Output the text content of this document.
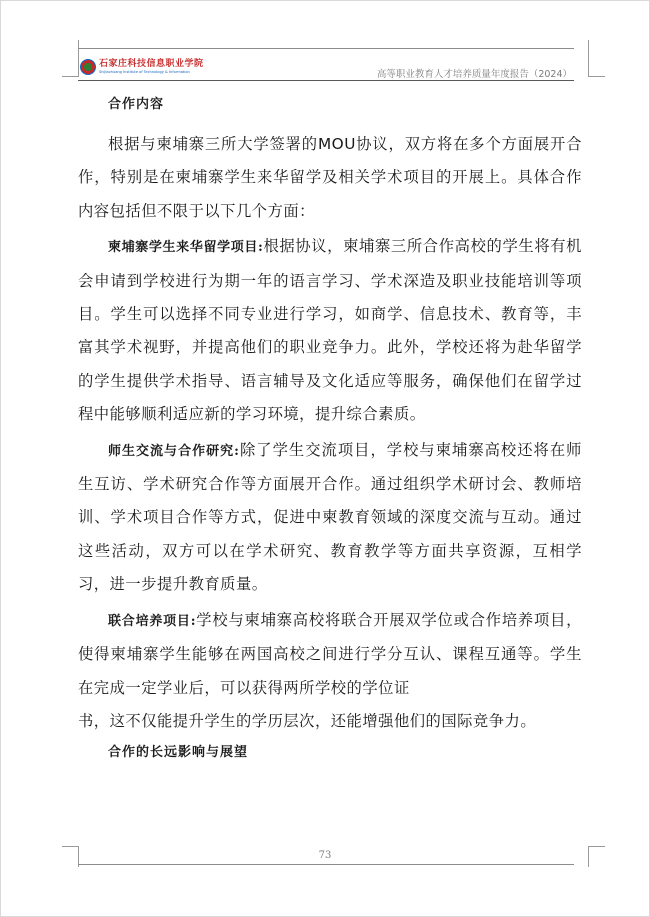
石家庄科技信息职业学院
Shijiazhuang Institute of Technology & Information	高等职业教育人才培养质量年度报告（2024）

合作内容

根据与柬埔寨三所大学签署的MOU协议，双方将在多个方面展开合作，特别是在柬埔寨学生来华留学及相关学术项目的开展上。具体合作内容包括但不限于以下几个方面：

柬埔寨学生来华留学项目:根据协议，柬埔寨三所合作高校的学生将有机会申请到学校进行为期一年的语言学习、学术深造及职业技能培训等项目。学生可以选择不同专业进行学习，如商学、信息技术、教育等，丰富其学术视野，并提高他们的职业竞争力。此外，学校还将为赴华留学的学生提供学术指导、语言辅导及文化适应等服务，确保他们在留学过程中能够顺利适应新的学习环境，提升综合素质。

师生交流与合作研究:除了学生交流项目，学校与柬埔寨高校还将在师生互访、学术研究合作等方面展开合作。通过组织学术研讨会、教师培训、学术项目合作等方式，促进中柬教育领域的深度交流与互动。通过这些活动，双方可以在学术研究、教育教学等方面共享资源，互相学习，进一步提升教育质量。

联合培养项目:学校与柬埔寨高校将联合开展双学位或合作培养项目，使得柬埔寨学生能够在两国高校之间进行学分互认、课程互通等。学生在完成一定学业后，可以获得两所学校的学位证

书，这不仅能提升学生的学历层次，还能增强他们的国际竞争力。

合作的长远影响与展望

73
